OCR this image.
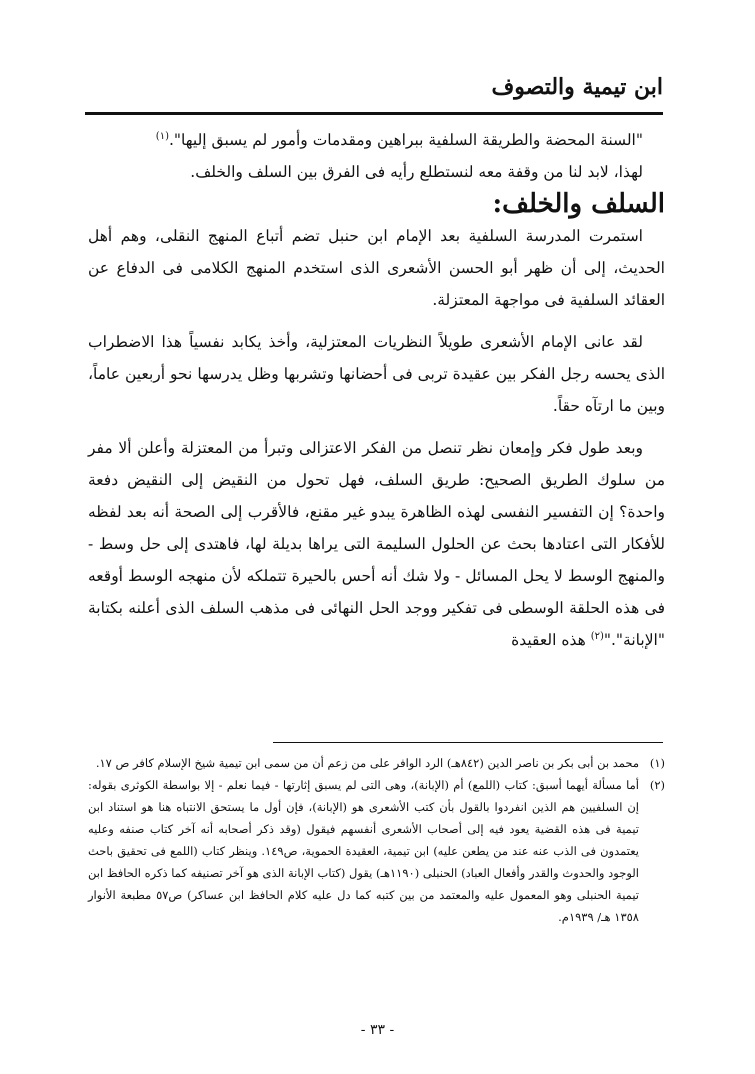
ابن تيمية والتصوف

"السنة المحضة والطريقة السلفية ببراهين ومقدمات وأمور لم يسبق إليها".$^{(١)}$

لهذا، لابد لنا من وقفة معه لنستطلع رأيه فى الفرق بين السلف والخلف.

السلف والخلف:

استمرت المدرسة السلفية بعد الإمام ابن حنبل تضم أتباع المنهج النقلى، وهم أهل الحديث، إلى أن ظهر أبو الحسن الأشعرى الذى استخدم المنهج الكلامى فى الدفاع عن العقائد السلفية فى مواجهة المعتزلة.

لقد عانى الإمام الأشعرى طويلاً النظريات المعتزلية، وأخذ يكابد نفسياً هذا الاضطراب الذى يحسه رجل الفكر بين عقيدة تربى فى أحضانها وتشربها وظل يدرسها نحو أربعين عاماً، وبين ما ارتآه حقاً.

وبعد طول فكر وإمعان نظر تنصل من الفكر الاعتزالى وتبرأ من المعتزلة وأعلن ألا مفر من سلوك الطريق الصحيح: طريق السلف، فهل تحول من النقيض إلى النقيض دفعة واحدة؟ إن التفسير النفسى لهذه الظاهرة يبدو غير مقنع، فالأقرب إلى الصحة أنه بعد لفظه للأفكار التى اعتادها بحث عن الحلول السليمة التى يراها بديلة لها، فاهتدى إلى حل وسط - والمنهج الوسط لا يحل المسائل - ولا شك أنه أحس بالحيرة تتملكه لأن منهجه الوسط أوقعه فى هذه الحلقة الوسطى فى تفكير ووجد الحل النهائى فى مذهب السلف الذى أعلنه بكتابة "الإبانة"."$^{(٢)}$ هذه العقيدة

(١)
محمد بن أبى بكر بن ناصر الدين (٨٤٢هـ) الرد الوافر على من زعم أن من سمى ابن تيمية شيخ الإسلام كافر ص ١٧.

(٢)
أما مسألة أيهما أسبق: كتاب (اللمع) أم (الإبانة)، وهى التى لم يسبق إثارتها - فيما نعلم - إلا بواسطة الكوثرى بقوله: إن السلفيين هم الذين انفردوا بالقول بأن كتب الأشعرى هو (الإبانة)، فإن أول ما يستحق الانتباه هنا هو استناد ابن تيمية فى هذه القضية يعود فيه إلى أصحاب الأشعرى أنفسهم فيقول (وقد ذكر أصحابه أنه آخر كتاب صنفه وعليه يعتمدون فى الذب عنه عند من يطعن عليه) ابن تيمية، العقيدة الحموية، ص١٤٩. وينظر كتاب (اللمع فى تحقيق باحث الوجود والحدوث والقدر وأفعال العباد) الحنبلى (١١٩٠هـ) يقول (كتاب الإبانة الذى هو آخر تصنيفه كما ذكره الحافظ ابن تيمية الحنبلى وهو المعمول عليه والمعتمد من بين كتبه كما دل عليه كلام الحافظ ابن عساكر) ص٥٧ مطبعة الأنوار ١٣٥٨ هـ/ ١٩٣٩م.

- ٣٣ -
